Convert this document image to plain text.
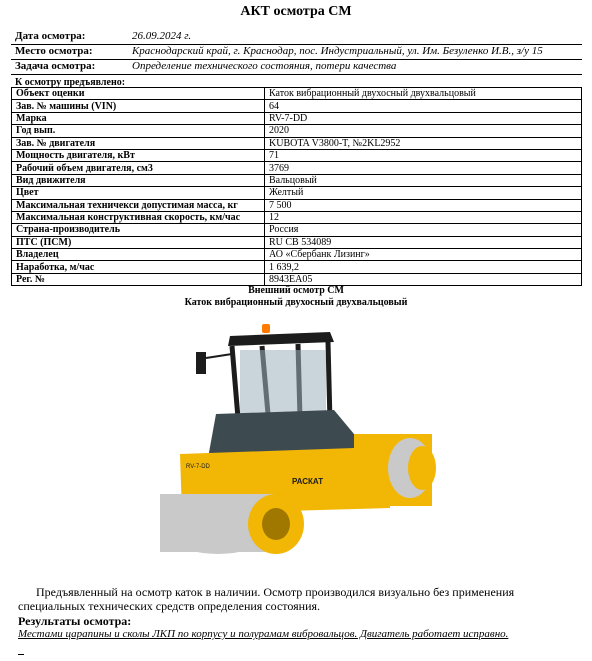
АКТ осмотра СМ
Дата осмотра:	26.09.2024 г.
Место осмотра:	Краснодарский край, г. Краснодар, пос. Индустриальный, ул. Им. Безуленко И.В., з/у 15
Задача осмотра:	Определение технического состояния, потери качества
К осмотру предъявлено:
Объект оценки	Каток вибрационный двухосный двухвальцовый
Зав. № машины (VIN)	64
Марка	RV-7-DD
Год вып.	2020
Зав. № двигателя	KUBOTA V3800-T, №2KL2952
Мощность двигателя, кВт	71
Рабочий объем двигателя, см3	3769
Вид движителя	Вальцовый
Цвет	Желтый
Максимальная техничекси допустимая масса, кг	7 500
Максимальная конструктивная скорость, км/час	12
Страна-производитель	Россия
ПТС (ПСМ)	RU CB 534089
Владелец	АО «Сбербанк Лизинг»
Наработка, м/час	1 639,2
Рег. №	8943ЕА05
Внешний осмотр СМ
Каток вибрационный двухосный двухвальцовый
РАСКАТ
RV-7-DD
Предъявленный на осмотр каток в наличии. Осмотр производился визуально без применения специальных технических средств определения состояния.
Результаты осмотра:
Местами царапины и сколы ЛКП по корпусу и полурамам вибровальцов. Двигатель работает исправно.
